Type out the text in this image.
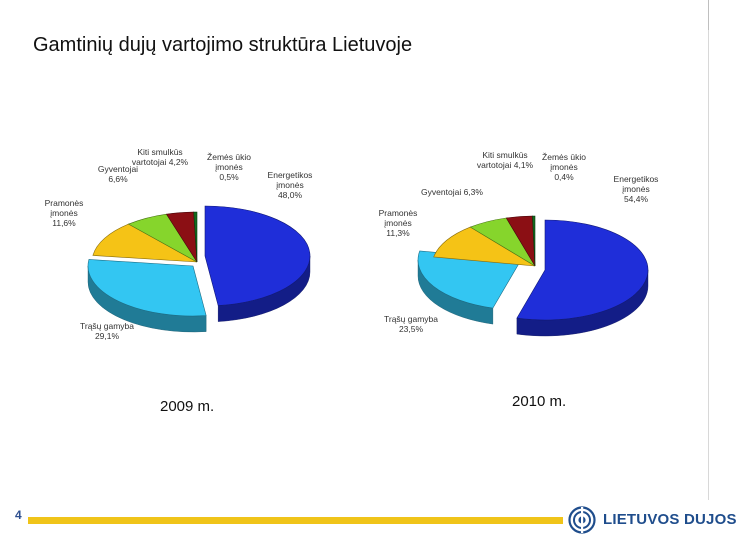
Gamtinių dujų vartojimo struktūra Lietuvoje
Energetikos įmonės 48,0%
Trąšų gamyba 29,1%
Pramonės įmonės 11,6%
Gyventojai 6,6%
Kiti smulkūs vartotojai 4,2% Žemės ūkio įmonės 0,5%	Energetikos įmonės 54,4%
Trąšų gamyba 23,5%
Pramonės įmonės 11,3%
Gyventojai 6,3%
Kiti smulkūs vartotojai 4,1%
Žemės ūkio įmonės 0,4%
2009 m.	2010 m.
4	LIETUVOS DUJOS
